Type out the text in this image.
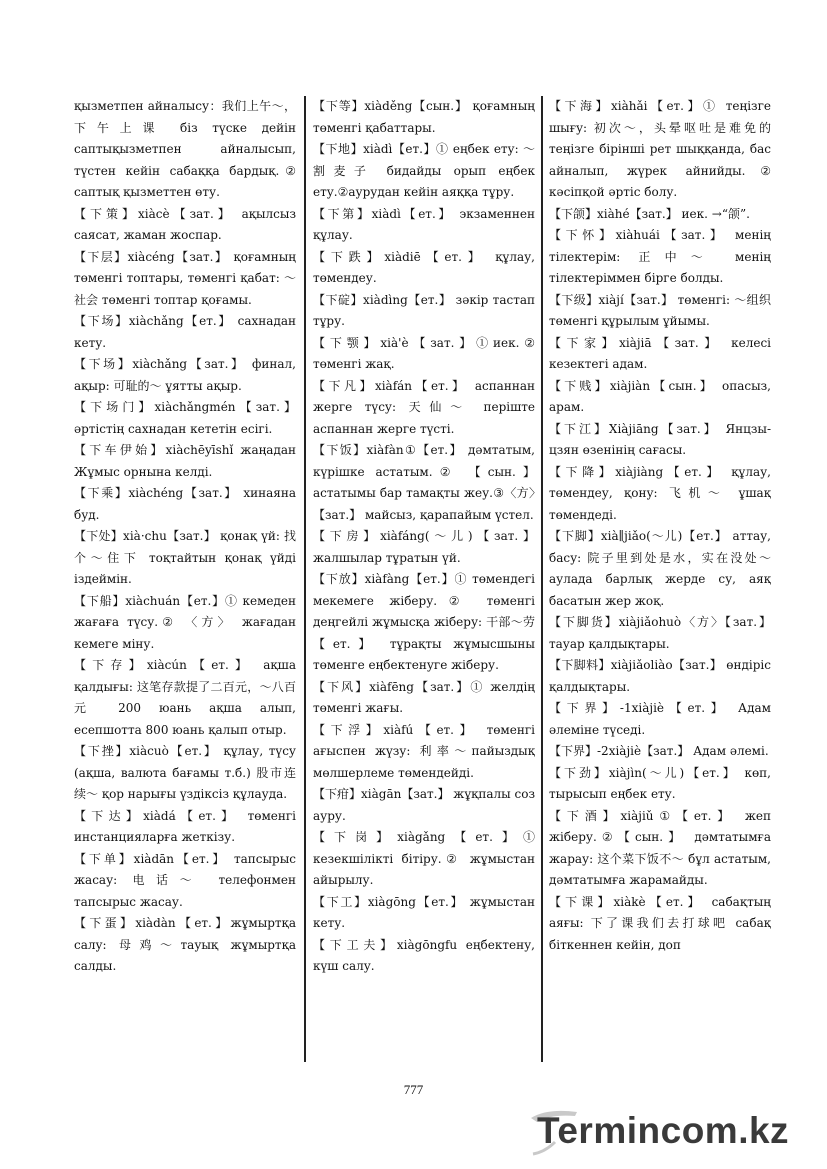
қызметпен айналысу：我们上午～，下午上课 біз түске дейін саптықызметпен айналысып, түстен кейін сабаққа бардық.② саптық қызметтен өту.

【下策】xiàcè【зат.】 ақылсыз саясат, жаман жоспар.

【下层】xiàcéng【зат.】 қоғамның төменгі топтары, төменгі қабат: ～社会 төменгі топтар қоғамы.

【下场】xiàchǎng【ет.】 сахнадан кету.

【下场】xiàchǎng【зат.】 финал, ақыр: 可耻的～ ұятты ақыр.

【下场门】xiàchǎngmén【зат.】 әртістің сахнадан кететін есігі.

【下车伊始】xiàchēyīshǐ жаңадан Жұмыс орнына келді.

【下乘】xiàchéng【зат.】 хинаяна буд.

【下处】xià·chu【зат.】 қонақ үй: 找个～住下 тоқтайтын қонақ үйді іздеймін.

【下船】xiàchuán【ет.】① кемеден жағаға түсу.② 〈方〉 жағадан кемеге міну.

【下存】xiàcún【ет.】 ақша қалдығы: 这笔存款提了二百元，～八百元 200 юань ақша алып, есепшотта 800 юань қалып отыр.

【下挫】xiàcuò【ет.】 құлау, түсу (ақша, валюта бағамы т.б.) 股市连续～ қор нарығы үздіксіз құлауда.

【下达】xiàdá【ет.】 төменгі инстанцияларға жеткізу.

【下单】xiàdān【ет.】 тапсырыс жасау: 电话～ телефонмен тапсырыс жасау.

【下蛋】xiàdàn【ет.】жұмыртқа салу: 母鸡～тауық жұмыртқа салды.

【下等】xiàděng【сын.】 қоғамның төменгі қабаттары.

【下地】xiàdì【ет.】① еңбек ету: ～割麦子 бидайды орып еңбек ету.②аурудан кейін аяққа тұру.

【下第】xiàdì【ет.】 экзаменнен құлау.

【下跌】xiàdiē【ет.】 құлау, төмендеу.

【下碇】xiàdìng【ет.】 зәкір тастап тұру.

【下颚】xià'è【зат.】①иек.② төменгі жақ.

【下凡】xiàfán【ет.】 аспаннан жерге түсу: 天仙～ періште аспаннан жерге түсті.

【下饭】xiàfàn①【ет.】 дәмтатым, күрішке астатым.② 【сын.】 астатымы бар тамақты жеу.③〈方〉【зат.】 майсыз, қарапайым үстел.

【下房】xiàfáng(～儿)【зат.】 жалшылар тұратын үй.

【下放】xiàfàng【ет.】① төмендегі мекемеге жіберу.② төменгі деңгейлі жұмысқа жіберу: 干部～劳【ет.】 тұрақты жұмысшыны төменге еңбектенуге жіберу.

【下风】xiàfēng【зат.】① желдің төменгі жағы.

【下浮】xiàfú【ет.】 төменгі ағыспен жүзу: 利率～пайыздық мөлшерлеме төмендейді.

【下疳】xiàgān【зат.】 жұқпалы соз ауру.

【下岗】xiàgǎng【ет.】① кезекшілікті бітіру.② жұмыстан айырылу.

【下工】xiàgōng【ет.】 жұмыстан кету.

【下工夫】xiàgōngfu еңбектену, күш салу.

【下海】xiàhǎi【ет.】① теңізге шығу: 初次～，头晕呕吐是难免的 теңізге бірінші рет шыққанда, бас айналып, жүрек айнийды.② кәсіпқой әртіс болу.

【下颌】xiàhé【зат.】 иек. →“颌”.

【下怀】xiàhuái【зат.】 менің тілектерім: 正中～ менің тілектеріммен бірге болды.

【下级】xiàjí【зат.】 төменгі: ～组织 төменгі құрылым ұйымы.

【下家】xiàjiā【зат.】 келесі кезектегі адам.

【下贱】xiàjiàn【сын.】 опасыз, арам.

【下江】Xiàjiāng【зат.】 Янцзы-цзян өзенінің сағасы.

【下降】xiàjiàng【ет.】 құлау, төмендеу, қону: 飞机～ ұшақ төмендеді.

【下脚】xià∥jiǎo(～儿)【ет.】 аттау, басу: 院子里到处是水，实在没处～аулада барлық жерде су, аяқ басатын жер жоқ.

【下脚货】xiàjiǎohuò〈方〉【зат.】 тауар қалдықтары.

【下脚料】xiàjiǎoliào【зат.】 өндіріс қалдықтары.

【下界】-1xiàjiè【ет.】 Адам әлеміне түседі.

【下界】-2xiàjiè【зат.】 Адам әлемі.

【下劲】xiàjìn(～儿)【ет.】 көп, тырысып еңбек ету.

【下酒】xiàjiǔ①【ет.】 жеп жіберу.②【сын.】 дәмтатымға жарау: 这个菜下饭不～ бұл астатым, дәмтатымға жарамайды.

【下课】xiàkè【ет.】 сабақтың аяғы: 下了课我们去打球吧 сабақ біткеннен кейін, доп

777
Termincom.kz
